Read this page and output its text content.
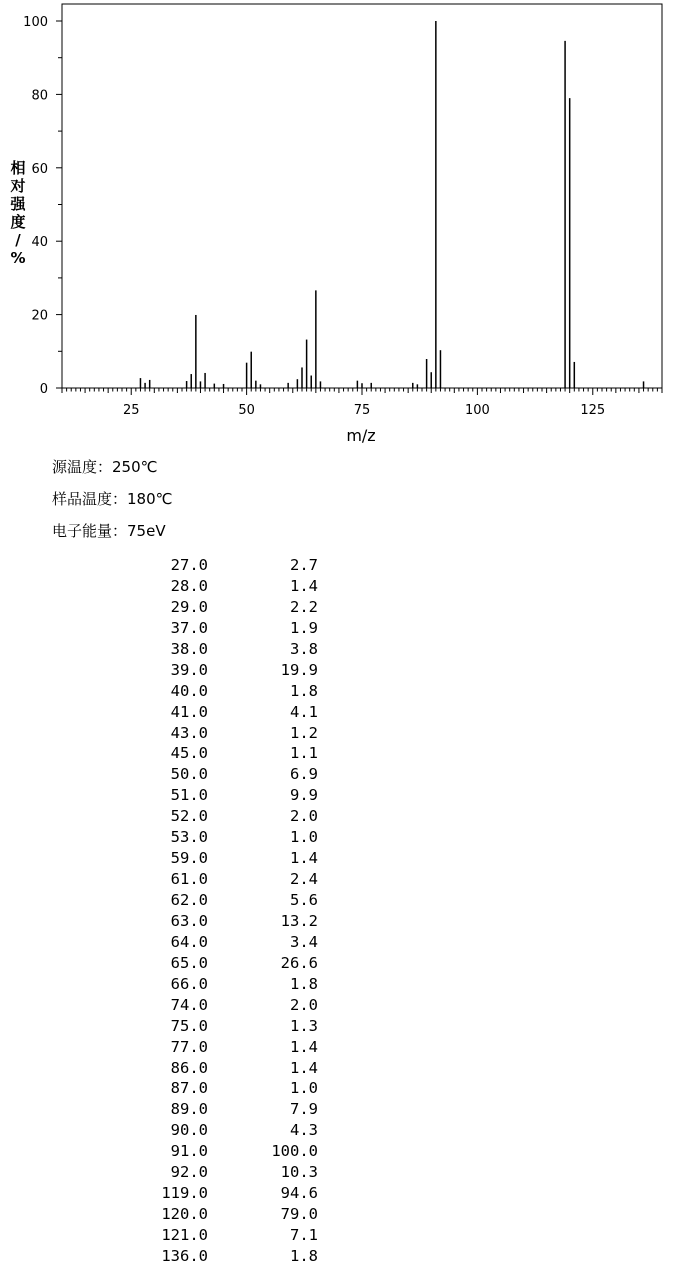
25	50	75	100	125
0
20
40
60
80
100
m/z
相对强度/ %
源温度：250℃
样品温度：180℃
电子能量：75eV
27.0	2.7
28.0	1.4
29.0	2.2
37.0	1.9
38.0	3.8
39.0	19.9
40.0	1.8
41.0	4.1
43.0	1.2
45.0	1.1
50.0	6.9
51.0	9.9
52.0	2.0
53.0	1.0
59.0	1.4
61.0	2.4
62.0	5.6
63.0	13.2
64.0	3.4
65.0	26.6
66.0	1.8
74.0	2.0
75.0	1.3
77.0	1.4
86.0	1.4
87.0	1.0
89.0	7.9
90.0	4.3
91.0	100.0
92.0	10.3
119.0	94.6
120.0	79.0
121.0	7.1
136.0	1.8
